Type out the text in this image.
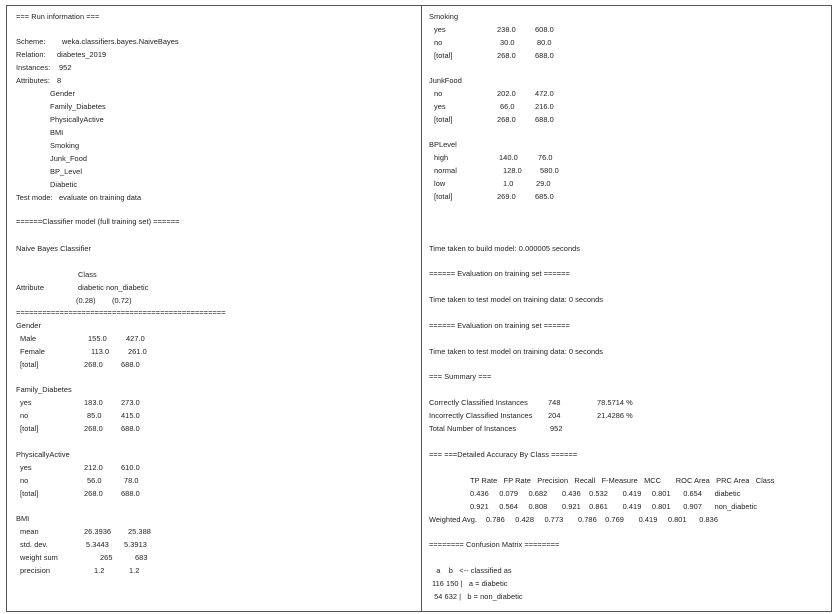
=== Run information ===
Scheme: weka.classifiers.bayes.NaiveBayes
Relation: diabetes_2019
Instances: 952
Attributes: 8
Gender
Family_Diabetes
PhysicallyActive
BMI
Smoking
Junk_Food
BP_Level
Diabetic
Test mode: evaluate on training data
======Classifier model (full training set) ======
Naive Bayes Classifier
Class
Attribute	diabetic non_diabetic
(0.28) (0.72)
================================================
Gender
Male	155.0	427.0
Female	113.0	261.0
[total]	268.0 688.0
Family_Diabetes
yes	183.0 273.0
no	85.0	415.0
[total]	268.0 688.0
PhysicallyActive
yes	212.0 610.0
no	56.0	78.0
[total]	268.0 688.0
BMI
mean	26.3936 25.388
std. dev.	5.3443 5.3913
weight sum	265	683
precision	1.2	1.2
Smoking
yes	238.0	608.0
no	30.0	80.0
[total]	268.0	688.0
JunkFood
no	202.0	472.0
yes	66.0	216.0
[total]	268.0	688.0
BPLevel
high	140.0	76.0
normal	128.0 580.0
low	1.0	29.0
[total]	269.0	685.0
Time taken to build model: 0.000005 seconds
====== Evaluation on training set ======
Time taken to test model on training data: 0 seconds
====== Evaluation on training set ======
Time taken to test model on training data: 0 seconds
=== Summary ===
Correctly Classified Instances	748	78.5714 %
Incorrectly Classified Instances 204	21.4286 %
Total Number of Instances	952
=== ===Detailed Accuracy By Class ======
TP Rate   FP Rate   Precision   Recall   F-Measure   MCC       ROC Area   PRC Area   Class
0.436     0.079     0.682       0.436    0.532       0.419     0.801      0.654      diabetic
0.921     0.564     0.808       0.921    0.861       0.419     0.801      0.907      non_diabetic
Weighted Avg. 0.786     0.428     0.773       0.786    0.769       0.419     0.801      0.836
======== Confusion Matrix ========
a    b   <-- classified as
116 150 |   a = diabetic
54 632 |   b = non_diabetic
